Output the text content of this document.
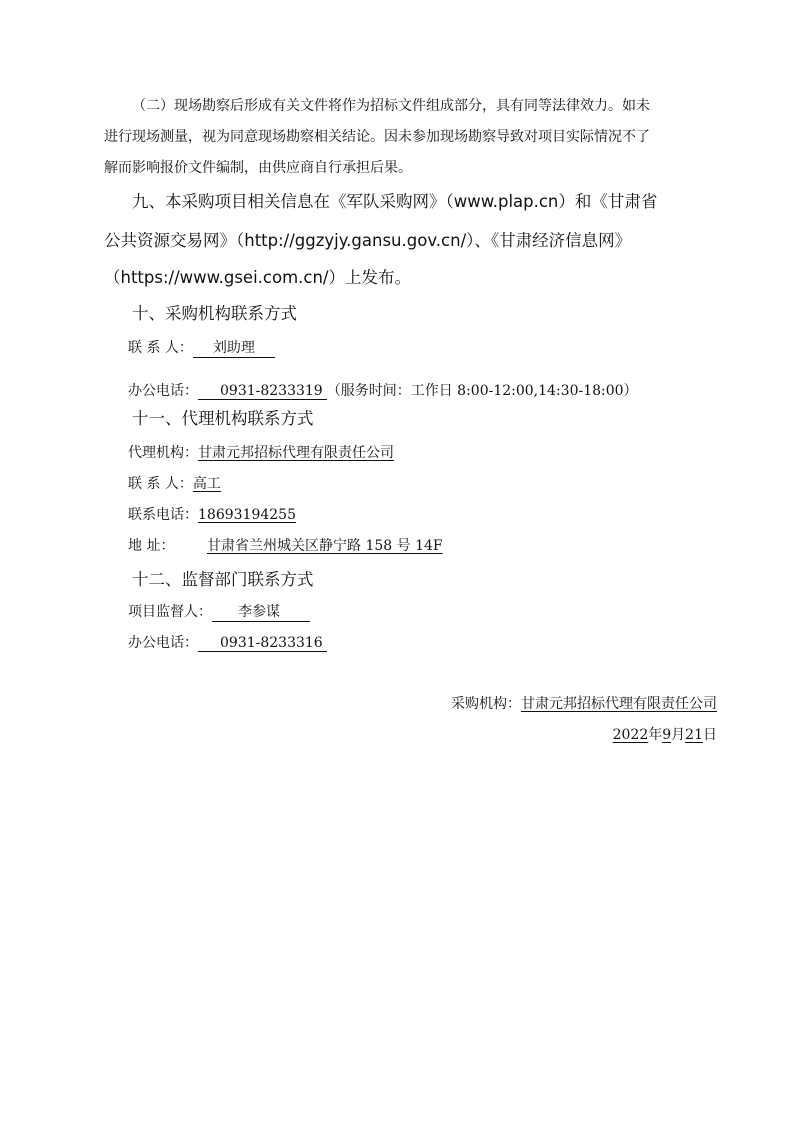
（二）现场勘察后形成有关文件将作为招标文件组成部分，具有同等法律效力。如未
进行现场测量，视为同意现场勘察相关结论。因未参加现场勘察导致对项目实际情况不了
解而影响报价文件编制，由供应商自行承担后果。
九、本采购项目相关信息在《军队采购网》（www.plap.cn）和《甘肃省
公共资源交易网》（http://ggzyjy.gansu.gov.cn/）、《甘肃经济信息网》
（https://www.gsei.com.cn/）上发布。
十、采购机构联系方式
联 系 人： 刘助理
办公电话： 0931-8233319 （服务时间：工作日 8:00-12:00,14:30-18:00）
十一、代理机构联系方式
代理机构：甘肃元邦招标代理有限责任公司
联 系 人：高工
联系电话：18693194255
地 址： 甘肃省兰州城关区静宁路 158 号 14F
十二、监督部门联系方式
项目监督人： 李参谋
办公电话： 0931-8233316
采购机构：甘肃元邦招标代理有限责任公司
2022年9月21日
